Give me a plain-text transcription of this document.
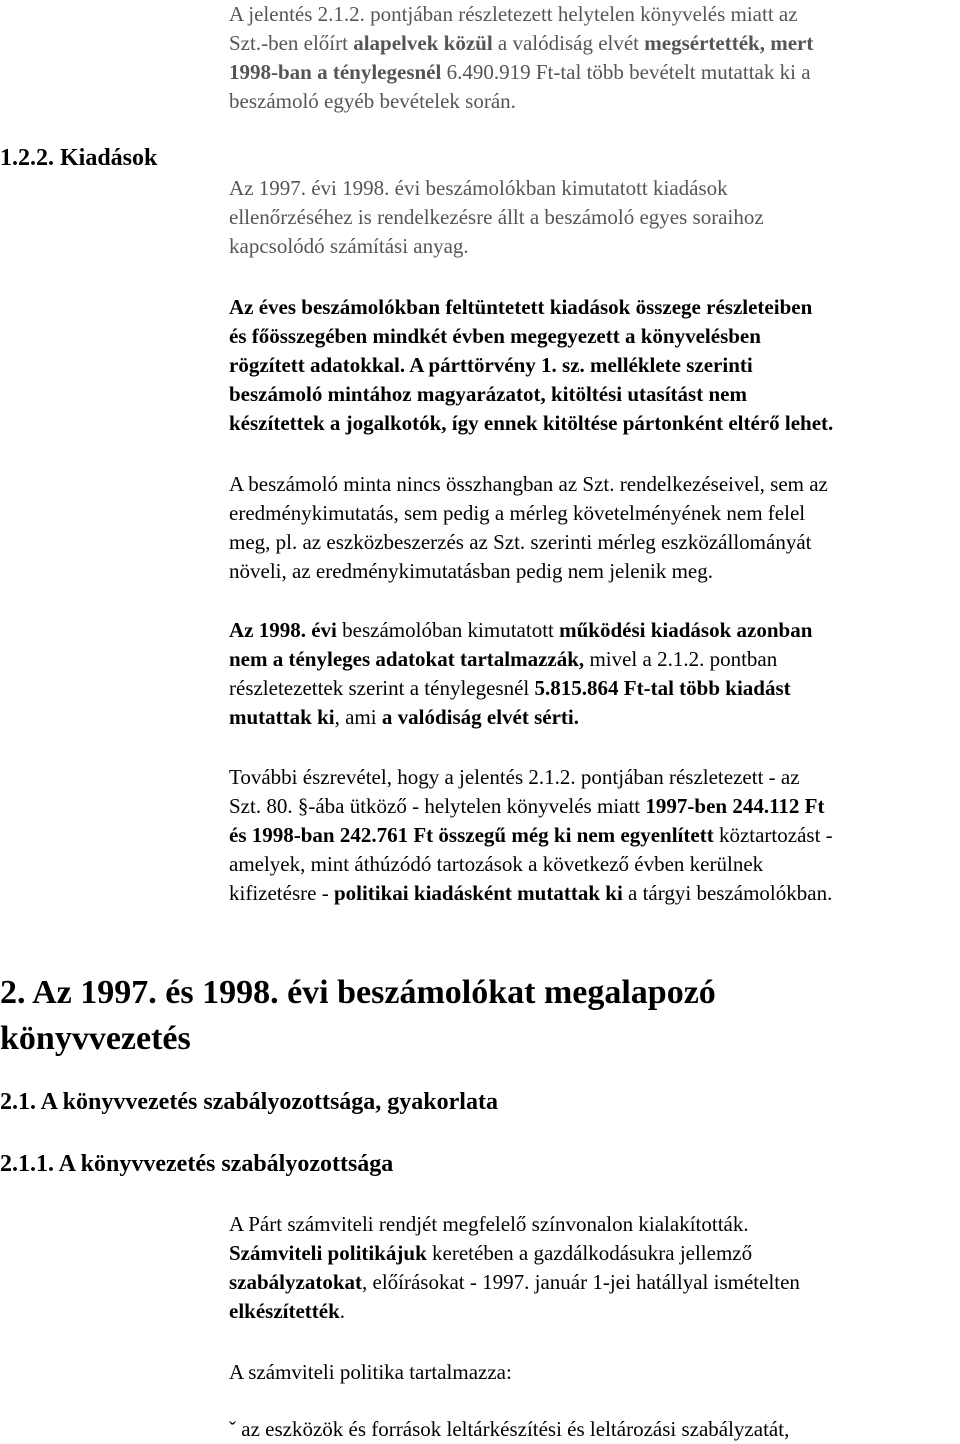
A jelentés 2.1.2. pontjában részletezett helytelen könyvelés miatt az
Szt.-ben előírt alapelvek közül a valódiság elvét megsértették, mert
1998-ban a ténylegesnél 6.490.919 Ft-tal több bevételt mutattak ki a
beszámoló egyéb bevételek során.
1.2.2. Kiadások
Az 1997. évi 1998. évi beszámolókban kimutatott kiadások
ellenőrzéséhez is rendelkezésre állt a beszámoló egyes soraihoz
kapcsolódó számítási anyag.
Az éves beszámolókban feltüntetett kiadások összege részleteiben
és főösszegében mindkét évben megegyezett a könyvelésben
rögzített adatokkal. A párttörvény 1. sz. melléklete szerinti
beszámoló mintához magyarázatot, kitöltési utasítást nem
készítettek a jogalkotók, így ennek kitöltése pártonként eltérő lehet.
A beszámoló minta nincs összhangban az Szt. rendelkezéseivel, sem az
eredménykimutatás, sem pedig a mérleg követelményének nem felel
meg, pl. az eszközbeszerzés az Szt. szerinti mérleg eszközállományát
növeli, az eredménykimutatásban pedig nem jelenik meg.
Az 1998. évi beszámolóban kimutatott működési kiadások azonban
nem a tényleges adatokat tartalmazzák, mivel a 2.1.2. pontban
részletezettek szerint a ténylegesnél 5.815.864 Ft-tal több kiadást
mutattak ki, ami a valódiság elvét sérti.
További észrevétel, hogy a jelentés 2.1.2. pontjában részletezett - az
Szt. 80. §-ába ütköző - helytelen könyvelés miatt 1997-ben 244.112 Ft
és 1998-ban 242.761 Ft összegű még ki nem egyenlített köztartozást -
amelyek, mint áthúzódó tartozások a következő évben kerülnek
kifizetésre - politikai kiadásként mutattak ki a tárgyi beszámolókban.
2. Az 1997. és 1998. évi beszámolókat megalapozó
könyvvezetés
2.1. A könyvvezetés szabályozottsága, gyakorlata
2.1.1. A könyvvezetés szabályozottsága
A Párt számviteli rendjét megfelelő színvonalon kialakították.
Számviteli politikájuk keretében a gazdálkodásukra jellemző
szabályzatokat, előírásokat - 1997. január 1-jei hatállyal ismételten
elkészítették.
A számviteli politika tartalmazza:
ˇ az eszközök és források leltárkészítési és leltározási szabályzatát,
